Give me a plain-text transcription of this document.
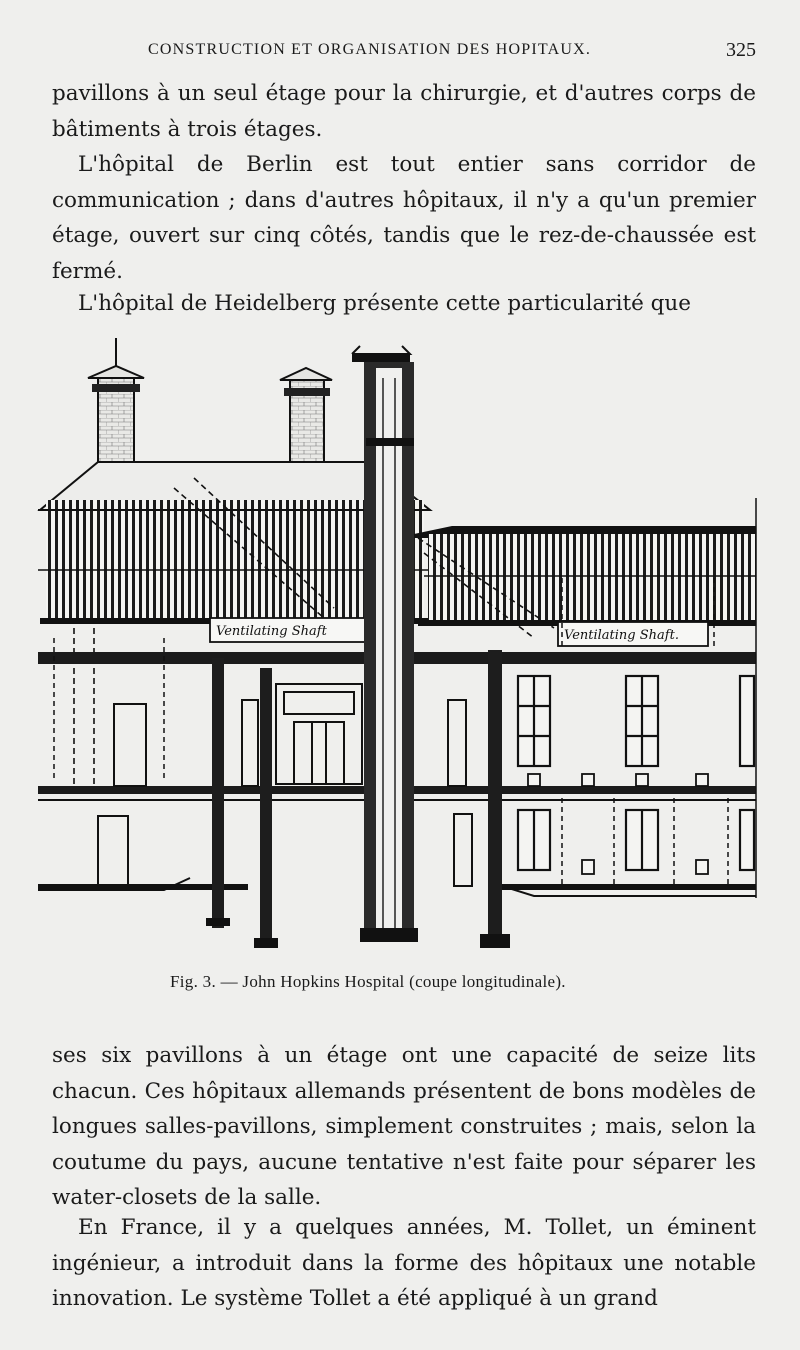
CONSTRUCTION ET ORGANISATION DES HOPITAUX.	325

pavillons à un seul étage pour la chirurgie, et d'autres corps de bâtiments à trois étages.

L'hôpital de Berlin est tout entier sans corridor de communication ; dans d'autres hôpitaux, il n'y a qu'un premier étage, ouvert sur cinq côtés, tandis que le rez-de-chaussée est fermé.

L'hôpital de Heidelberg présente cette particularité que

Ventilating Shaft	Ventilating Shaft.
Fig. 3. — John Hopkins Hospital (coupe longitudinale).

ses six pavillons à un étage ont une capacité de seize lits chacun. Ces hôpitaux allemands présentent de bons modèles de longues salles-pavillons, simplement construites ; mais, selon la coutume du pays, aucune tentative n'est faite pour séparer les water-closets de la salle.

En France, il y a quelques années, M. Tollet, un éminent ingénieur, a introduit dans la forme des hôpitaux une notable innovation. Le système Tollet a été appliqué à un grand
